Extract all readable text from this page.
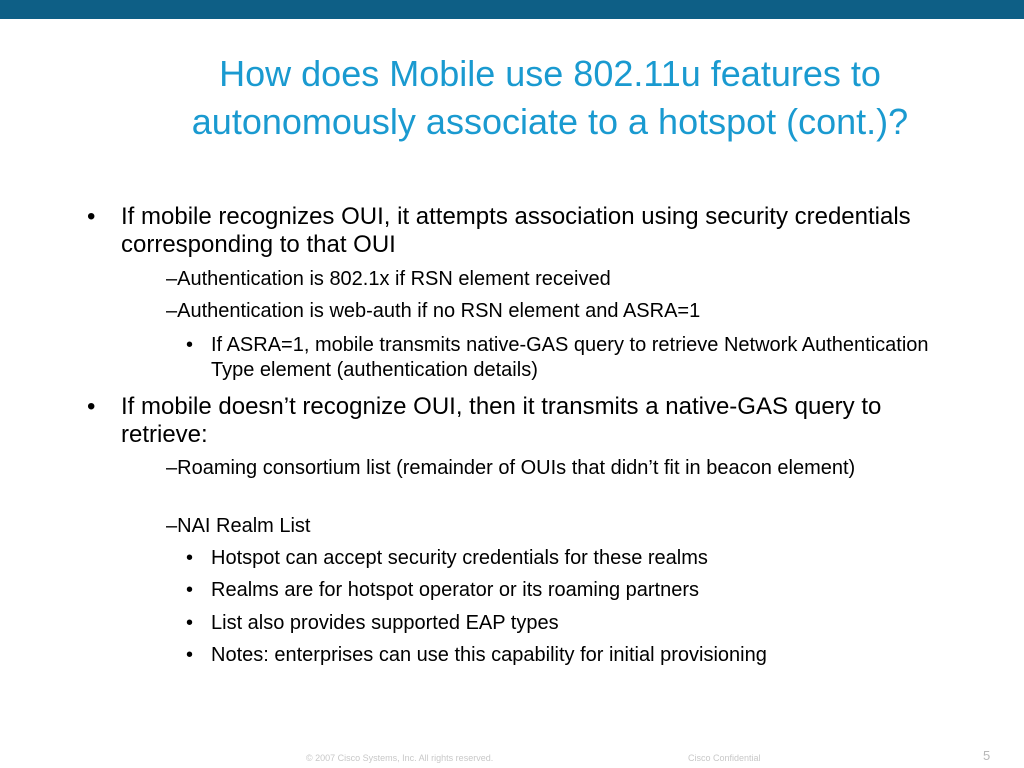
How does Mobile use 802.11u features to
autonomously associate to a hotspot (cont.)?
• If mobile recognizes OUI, it attempts association using security credentials corresponding to that OUI
–Authentication is 802.1x if RSN element received
–Authentication is web-auth if no RSN element and ASRA=1
• If ASRA=1, mobile transmits native-GAS query to retrieve Network Authentication Type element (authentication details)
• If mobile doesn’t recognize OUI, then it transmits a native-GAS query to retrieve:
–Roaming consortium list (remainder of OUIs that didn’t fit in beacon element)
–NAI Realm List
• Hotspot can accept security credentials for these realms
• Realms are for hotspot operator or its roaming partners
• List also provides supported EAP types
• Notes: enterprises can use this capability for initial provisioning
© 2007 Cisco Systems, Inc. All rights reserved.	Cisco Confidential	5
